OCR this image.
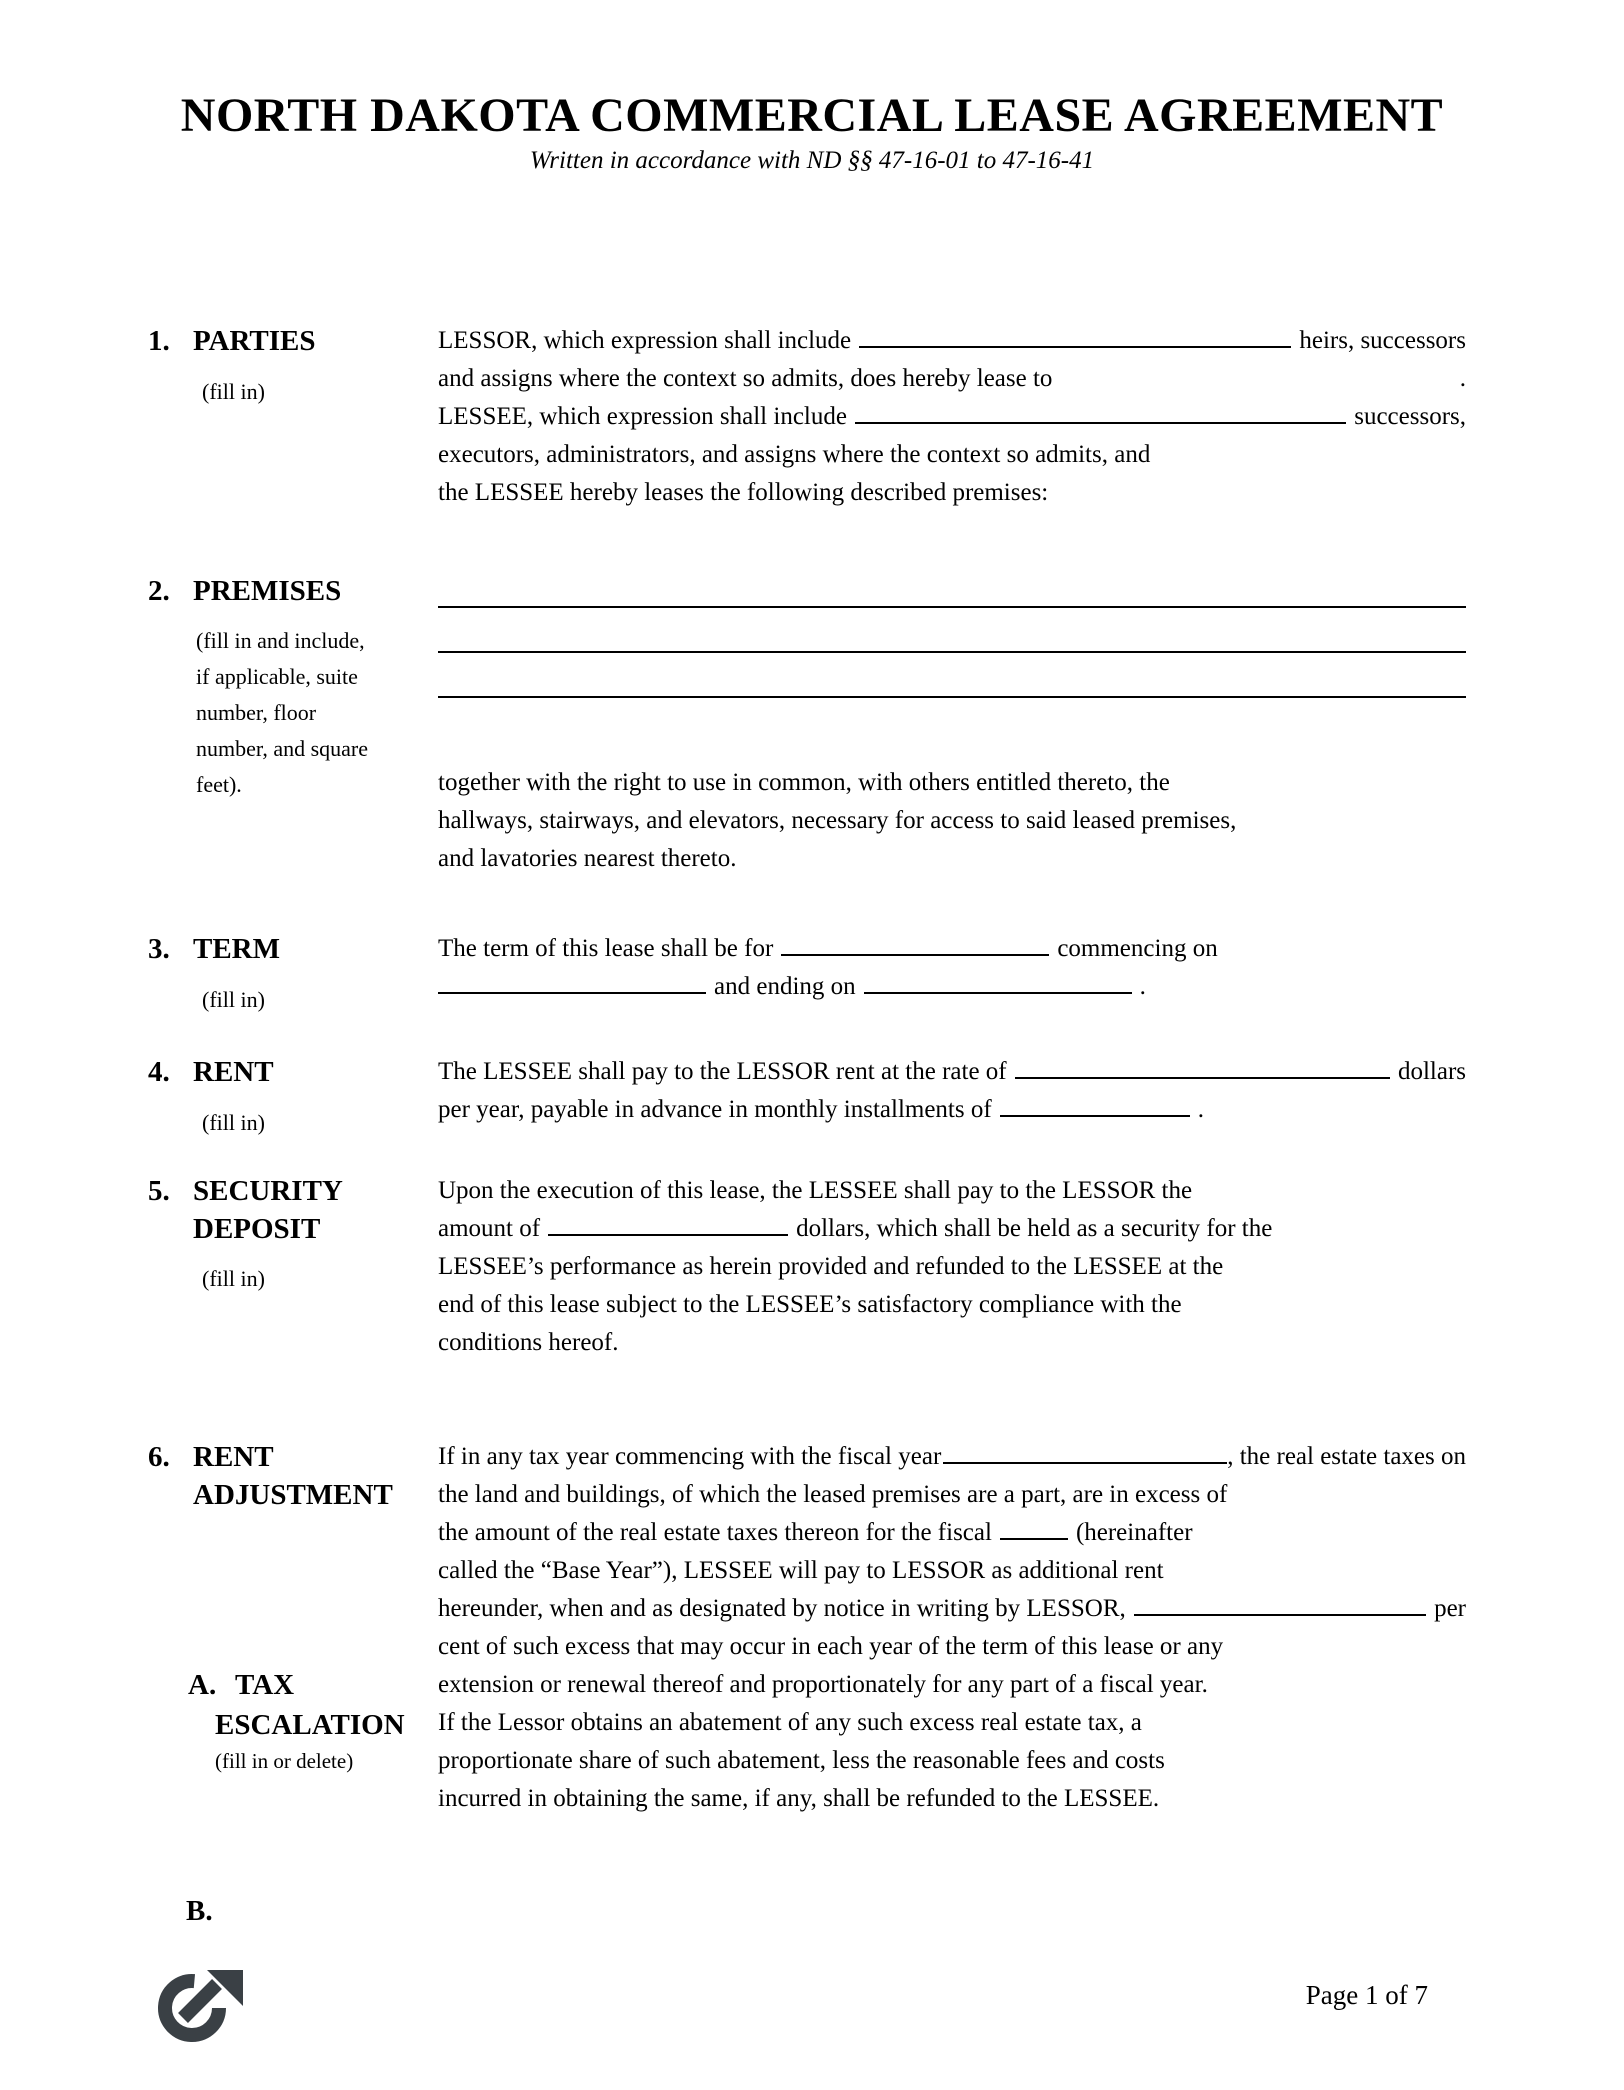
NORTH DAKOTA COMMERCIAL LEASE AGREEMENT
Written in accordance with ND §§ 47-16-01 to 47-16-41
1. PARTIES
(fill in)
LESSOR, which expression shall include	heirs, successors
and assigns where the context so admits, does hereby lease to	.
LESSEE, which expression shall include	successors,
executors, administrators, and assigns where the context so admits, and
the LESSEE hereby leases the following described premises:
2. PREMISES
(fill in and include,
if applicable, suite
number, floor
number, and square
feet).	together with the right to use in common, with others entitled thereto, the
hallways, stairways, and elevators, necessary for access to said leased premises,
and lavatories nearest thereto.
3. TERM
(fill in)
The term of this lease shall be for	commencing on
and ending on	.
4. RENT
(fill in)
The LESSEE shall pay to the LESSOR rent at the rate of	dollars
per year, payable in advance in monthly installments of	.
5. SECURITY
DEPOSIT
(fill in)
Upon the execution of this lease, the LESSEE shall pay to the LESSOR the
amount of	dollars, which shall be held as a security for the
LESSEE’s performance as herein provided and refunded to the LESSEE at the
end of this lease subject to the LESSEE’s satisfactory compliance with the
conditions hereof.
6. RENT
ADJUSTMENT
A. TAX
ESCALATION
(fill in or delete)
If in any tax year commencing with the fiscal year	, the real estate taxes on
the land and buildings, of which the leased premises are a part, are in excess of
the amount of the real estate taxes thereon for the fiscal	(hereinafter
called the “Base Year”), LESSEE will pay to LESSOR as additional rent
hereunder, when and as designated by notice in writing by LESSOR,	per
cent of such excess that may occur in each year of the term of this lease or any
extension or renewal thereof and proportionately for any part of a fiscal year.
If the Lessor obtains an abatement of any such excess real estate tax, a
proportionate share of such abatement, less the reasonable fees and costs
incurred in obtaining the same, if any, shall be refunded to the LESSEE.
B.
Page 1 of 7
